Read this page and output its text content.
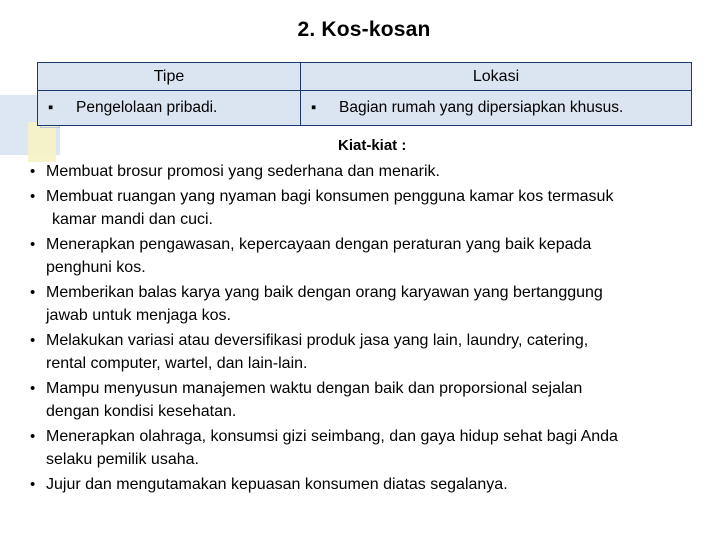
2. Kos-kosan
Tipe	Lokasi
▪ Pengelolaan pribadi.	▪ Bagian rumah yang dipersiapkan khusus.
Kiat-kiat :
• Membuat brosur promosi yang sederhana dan menarik.
• Membuat ruangan yang nyaman bagi konsumen pengguna kamar kos termasuk
kamar mandi dan cuci.
• Menerapkan pengawasan, kepercayaan dengan peraturan yang baik kepada
penghuni kos.
• Memberikan balas karya yang baik dengan orang karyawan yang bertanggung
jawab untuk menjaga kos.
• Melakukan variasi atau deversifikasi produk jasa yang lain, laundry, catering,
rental computer, wartel, dan lain-lain.
• Mampu menyusun manajemen waktu dengan baik dan proporsional sejalan
dengan kondisi kesehatan.
• Menerapkan olahraga, konsumsi gizi seimbang, dan gaya hidup sehat bagi Anda
selaku pemilik usaha.
• Jujur dan mengutamakan kepuasan konsumen diatas segalanya.
